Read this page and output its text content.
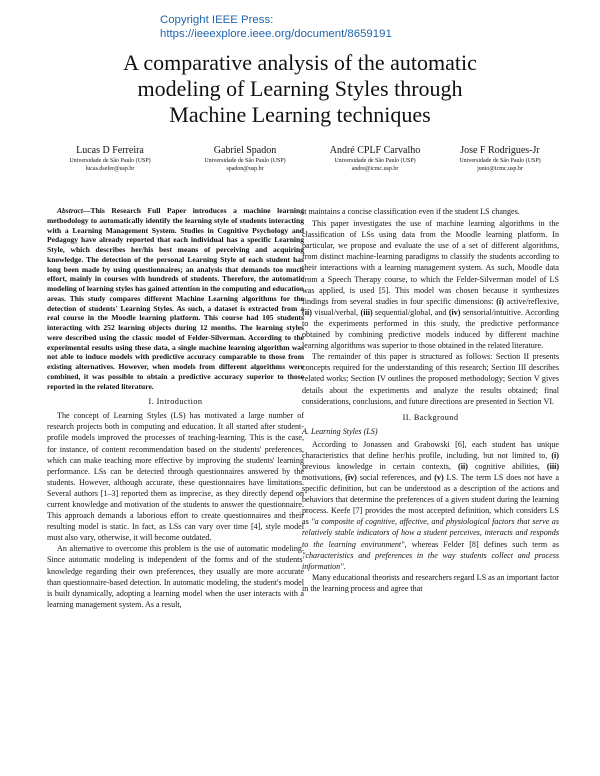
Copyright IEEE Press:
https://ieeexplore.ieee.org/document/8659191
A comparative analysis of the automatic
modeling of Learning Styles through
Machine Learning techniques
Lucas D Ferreira
Universidade de São Paulo (USP)
lucas.dsefer@usp.br
Gabriel Spadon
Universidade de São Paulo (USP)
spadon@usp.br
André CPLF Carvalho
Universidade de São Paulo (USP)
andre@icmc.usp.br
Jose F Rodrigues-Jr
Universidade de São Paulo (USP)
junio@icmc.usp.br

Abstract—This Research Full Paper introduces a machine learning methodology to automatically identify the learning style of students interacting with a Learning Management System. Studies in Cognitive Psychology and Pedagogy have already reported that each individual has a specific Learning Style, which describes her/his best means of perceiving and acquiring knowledge. The detection of the personal Learning Style of each student has long been made by using questionnaires; an analysis that demands too much effort, mainly in courses with hundreds of students. Therefore, the automatic modeling of learning styles has gained attention in the computing and education areas. This study compares different Machine Learning algorithms for the detection of students' Learning Styles. As such, a dataset is extracted from a real course in the Moodle learning platform. This course had 105 students interacting with 252 learning objects during 12 months. The learning styles were described using the classic model of Felder-Silverman. According to the experimental results using these data, a single machine learning algorithm was not able to induce models with predictive accuracy comparable to those from existing alternatives. However, when models from different algorithms were combined, it was possible to obtain a predictive accuracy superior to those reported in the related literature.

I. Introduction

The concept of Learning Styles (LS) has motivated a large number of research projects both in computing and education. It all started after student-profile models improved the processes of teaching-learning. This is the case, for instance, of content recommendation based on the students' preferences, which can make teaching more effective by improving the students' learning performance. LSs can be detected through questionnaires answered by the students. However, although accurate, these questionnaires have limitations. Several authors [1–3] reported them as imprecise, as they directly depend on current knowledge and motivation of the students to answer the questionnaire. This approach demands a laborious effort to create questionnaires and their resulting model is static. In fact, as LSs can vary over time [4], style model must also vary, otherwise, it will become outdated.

An alternative to overcome this problem is the use of automatic modeling. Since automatic modeling is independent of the forms and of the students' knowledge regarding their own preferences, they usually are more accurate than questionnaire-based detection. In automatic modeling, the student's model is built dynamically, adopting a learning model when the user interacts with a learning management system. As a result,

it maintains a concise classification even if the student LS changes.

This paper investigates the use of machine learning algorithms in the classification of LSs using data from the Moodle learning platform. In particular, we propose and evaluate the use of a set of different algorithms, from distinct machine-learning paradigms to classify the students according to their interactions with a learning management system. As such, Moodle data from a Speech Therapy course, to which the Felder-Silverman model of LS was applied, is used [5]. This model was chosen because it synthesizes findings from several studies in four specific dimensions: (i) active/reflexive, (ii) visual/verbal, (iii) sequential/global, and (iv) sensorial/intuitive. According to the experiments performed in this study, the predictive performance obtained by combining predictive models induced by different machine learning algorithms was superior to those obtained in the related literature.

The remainder of this paper is structured as follows: Section II presents concepts required for the understanding of this research; Section III describes related works; Section IV outlines the proposed methodology; Section V gives details about the experiments and analyze the results obtained; final considerations, conclusions, and future directions are presented in Section VI.

II. Background
A. Learning Styles (LS)

According to Jonassen and Grabowski [6], each student has unique characteristics that define her/his profile, including, but not limited to, (i) previous knowledge in certain contexts, (ii) cognitive abilities, (iii) motivations, (iv) social references, and (v) LS. The term LS does not have a specific definition, but can be understood as a description of the actions and behaviors that determine the preferences of a given student during the learning process. Keefe [7] provides the most accepted definition, which considers LS as "a composite of cognitive, affective, and physiological factors that serve as relatively stable indicators of how a student perceives, interacts and responds to the learning environment", whereas Felder [8] defines such term as "characteristics and preferences in the way students collect and process information".

Many educational theorists and researchers regard LS as an important factor in the learning process and agree that
